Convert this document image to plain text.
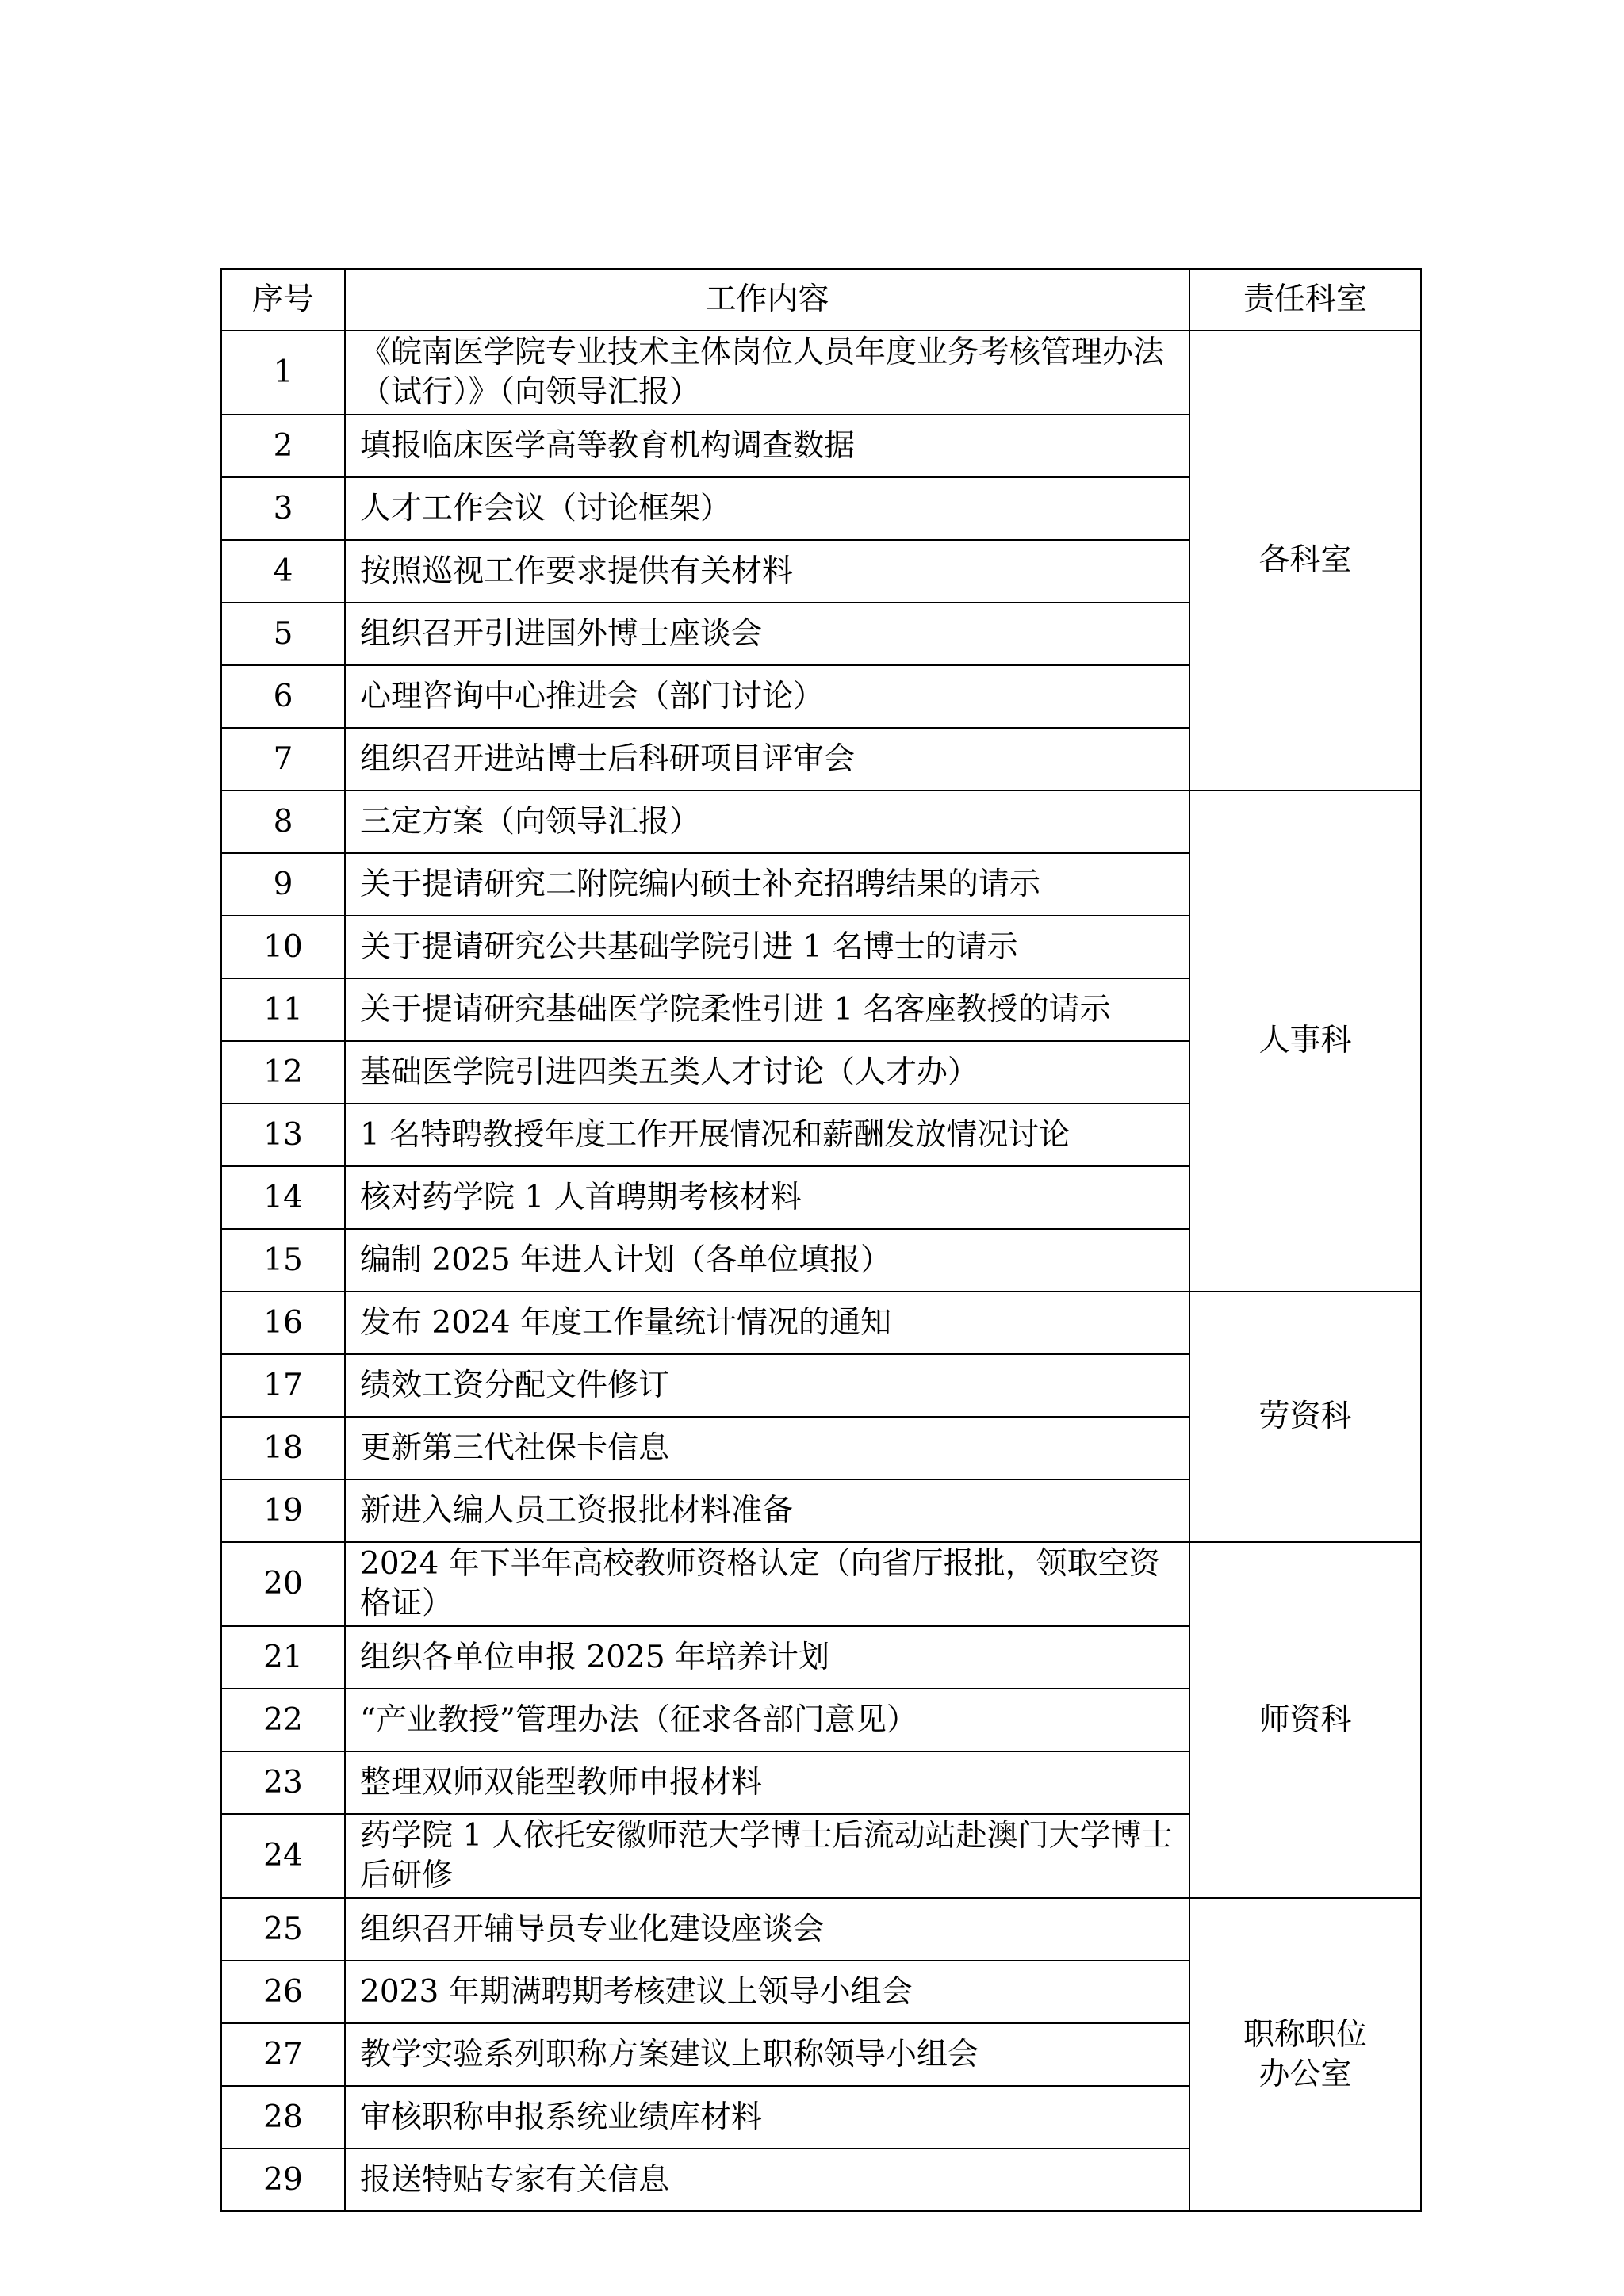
序号	工作内容	责任科室
1	《皖南医学院专业技术主体岗位人员年度业务考核管理办法（试行）》（向领导汇报）	各科室
2	填报临床医学高等教育机构调查数据	
3	人才工作会议（讨论框架）	
4	按照巡视工作要求提供有关材料	
5	组织召开引进国外博士座谈会	
6	心理咨询中心推进会（部门讨论）	
7	组织召开进站博士后科研项目评审会	
8	三定方案（向领导汇报）	人事科
9	关于提请研究二附院编内硕士补充招聘结果的请示	
10	关于提请研究公共基础学院引进 1 名博士的请示	
11	关于提请研究基础医学院柔性引进 1 名客座教授的请示	
12	基础医学院引进四类五类人才讨论（人才办）	
13	1 名特聘教授年度工作开展情况和薪酬发放情况讨论	
14	核对药学院 1 人首聘期考核材料	
15	编制 2025 年进人计划（各单位填报）	
16	发布 2024 年度工作量统计情况的通知	劳资科
17	绩效工资分配文件修订	
18	更新第三代社保卡信息	
19	新进入编人员工资报批材料准备	
20	2024 年下半年高校教师资格认定（向省厅报批，领取空资格证）	师资科
21	组织各单位申报 2025 年培养计划	
22	“产业教授”管理办法（征求各部门意见）	
23	整理双师双能型教师申报材料	
24	药学院 1 人依托安徽师范大学博士后流动站赴澳门大学博士后研修	
25	组织召开辅导员专业化建设座谈会	职称职位办公室

26	2023 年期满聘期考核建议上领导小组会	
27	教学实验系列职称方案建议上职称领导小组会	
28	审核职称申报系统业绩库材料	
29	报送特贴专家有关信息	
